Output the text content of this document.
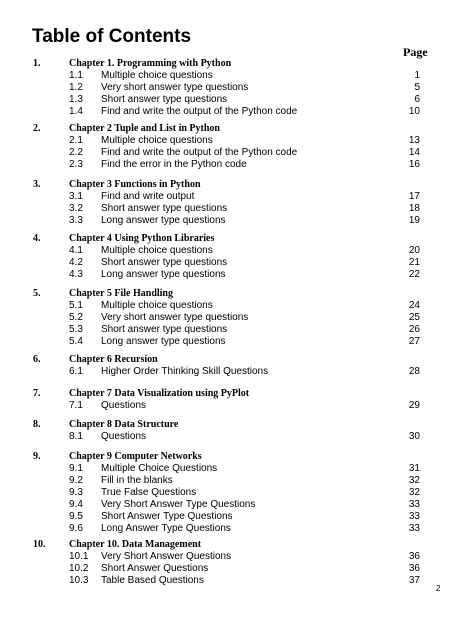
Table of Contents
Page
1.	Chapter 1. Programming with Python
1.1 Multiple choice questions	1
1.2 Very short answer type questions	5
1.3 Short answer type questions	6
1.4 Find and write the output of the Python code	10
2.	Chapter 2 Tuple and List in Python
2.1 Multiple choice questions	13
2.2 Find and write the output of the Python code	14
2.3 Find the error in the Python code	16
3.	Chapter 3 Functions in Python
3.1 Find and write output	17
3.2 Short answer type questions	18
3.3 Long answer type questions	19
4.	Chapter 4 Using Python Libraries
4.1 Multiple choice questions	20
4.2 Short answer type questions	21
4.3 Long answer type questions	22
5.	Chapter 5 File Handling
5.1 Multiple choice questions	24
5.2 Very short answer type questions	25
5.3 Short answer type questions	26
5.4 Long answer type questions	27
6.	Chapter 6 Recursion
6.1 Higher Order Thinking Skill Questions	28
7.	Chapter 7 Data Visualization using PyPlot
7.1 Questions	29
8.	Chapter 8 Data Structure
8.1 Questions	30
9.	Chapter 9 Computer Networks
9.1 Multiple Choice Questions	31
9.2 Fill in the blanks	32
9.3 True False Questions	32
9.4 Very Short Answer Type Questions	33
9.5 Short Answer Type Questions	33
9.6 Long Answer Type Questions	33
10. Chapter 10. Data Management
10.1 Very Short Answer Questions	36
10.2 Short Answer Questions	36
10.3 Table Based Questions	37
2
